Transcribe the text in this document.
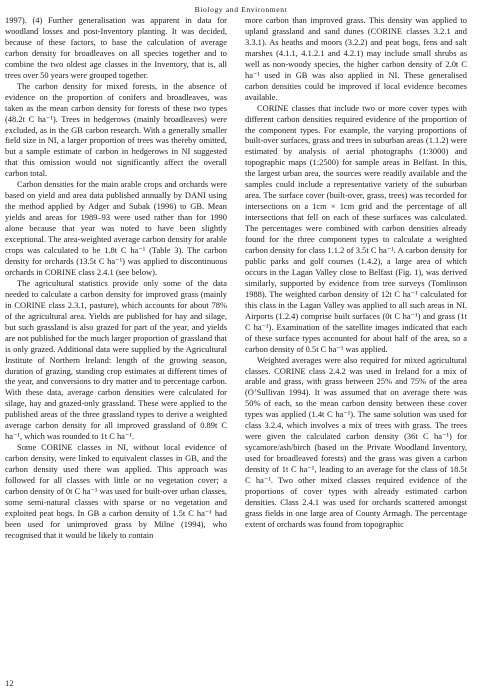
Biology and Environment

1997). (4) Further generalisation was apparent in data for woodland losses and post-Inventory planting. It was decided, because of these factors, to base the calculation of average carbon density for broadleaves on all species together and to combine the two oldest age classes in the Inventory, that is, all trees over 50 years were grouped together.

The carbon density for mixed forests, in the absence of evidence on the proportion of conifers and broadleaves, was taken as the mean carbon density for forests of these two types (48.2t C ha⁻¹). Trees in hedgerows (mainly broadleaves) were excluded, as in the GB carbon research. With a generally smaller field size in NI, a larger proportion of trees was thereby omitted, but a sample estimate of carbon in hedgerows in NI suggested that this omission would not significantly affect the overall carbon total.

Carbon densities for the main arable crops and orchards were based on yield and area data published annually by DANI using the method applied by Adger and Subak (1996) to GB. Mean yields and areas for 1989–93 were used rather than for 1990 alone because that year was noted to have been slightly exceptional. The area-weighted average carbon density for arable crops was calculated to be 1.8t C ha⁻¹ (Table 3). The carbon density for orchards (13.5t C ha⁻¹) was applied to discontinuous orchards in CORINE class 2.4.1 (see below).

The agricultural statistics provide only some of the data needed to calculate a carbon density for improved grass (mainly in CORINE class 2.3.1, pasture), which accounts for about 78% of the agricultural area. Yields are published for hay and silage, but such grassland is also grazed for part of the year, and yields are not published for the much larger proportion of grassland that is only grazed. Additional data were supplied by the Agricultural Institute of Northern Ireland: length of the growing season, duration of grazing, standing crop estimates at different times of the year, and conversions to dry matter and to percentage carbon. With these data, average carbon densities were calculated for silage, hay and grazed-only grassland. These were applied to the published areas of the three grassland types to derive a weighted average carbon density for all improved grassland of 0.89t C ha⁻¹, which was rounded to 1t C ha⁻¹.

Some CORINE classes in NI, without local evidence of carbon density, were linked to equivalent classes in GB, and the carbon density used there was applied. This approach was followed for all classes with little or no vegetation cover; a carbon density of 0t C ha⁻¹ was used for built-over urban classes, some semi-natural classes with sparse or no vegetation and exploited peat bogs. In GB a carbon density of 1.5t C ha⁻¹ had been used for unimproved grass by Milne (1994), who recognised that it would be likely to contain

more carbon than improved grass. This density was applied to upland grassland and sand dunes (CORINE classes 3.2.1 and 3.3.1). As heaths and moors (3.2.2) and peat bogs, fens and salt marshes (4.1.1, 4.1.2.1 and 4.2.1) may include small shrubs as well as non-woody species, the higher carbon density of 2.0t C ha⁻¹ used in GB was also applied in NI. These generalised carbon densities could be improved if local evidence becomes available.

CORINE classes that include two or more cover types with different carbon densities required evidence of the proportion of the component types. For example, the varying proportions of built-over surfaces, grass and trees in suburban areas (1.1.2) were estimated by analysis of aerial photographs (1:3000) and topographic maps (1:2500) for sample areas in Belfast. In this, the largest urban area, the sources were readily available and the samples could include a representative variety of the suburban area. The surface cover (built-over, grass, trees) was recorded for intersections on a 1cm × 1cm grid and the percentage of all intersections that fell on each of these surfaces was calculated. The percentages were combined with carbon densities already found for the three component types to calculate a weighted carbon density for class 1.1.2 of 3.5t C ha⁻¹. A carbon density for public parks and golf courses (1.4.2), a large area of which occurs in the Lagan Valley close to Belfast (Fig. 1), was derived similarly, supported by evidence from tree surveys (Tomlinson 1988). The weighted carbon density of 12t C ha⁻¹ calculated for this class in the Lagan Valley was applied to all such areas in NI. Airports (1.2.4) comprise built surfaces (0t C ha⁻¹) and grass (1t C ha⁻¹). Examination of the satellite images indicated that each of these surface types accounted for about half of the area, so a carbon density of 0.5t C ha⁻¹ was applied.

Weighted averages were also required for mixed agricultural classes. CORINE class 2.4.2 was used in Ireland for a mix of arable and grass, with grass between 25% and 75% of the area (O’Sullivan 1994). It was assumed that on average there was 50% of each, so the mean carbon density between these cover types was applied (1.4t C ha⁻¹). The same solution was used for class 3.2.4, which involves a mix of trees with grass. The trees were given the calculated carbon density (36t C ha⁻¹) for sycamore/ash/birch (based on the Private Woodland Inventory, used for broadleaved forests) and the grass was given a carbon density of 1t C ha⁻¹, leading to an average for the class of 18.5t C ha⁻¹. Two other mixed classes required evidence of the proportions of cover types with already estimated carbon densities. Class 2.4.1 was used for orchards scattered amongst grass fields in one large area of County Armagh. The percentage extent of orchards was found from topographic

12
